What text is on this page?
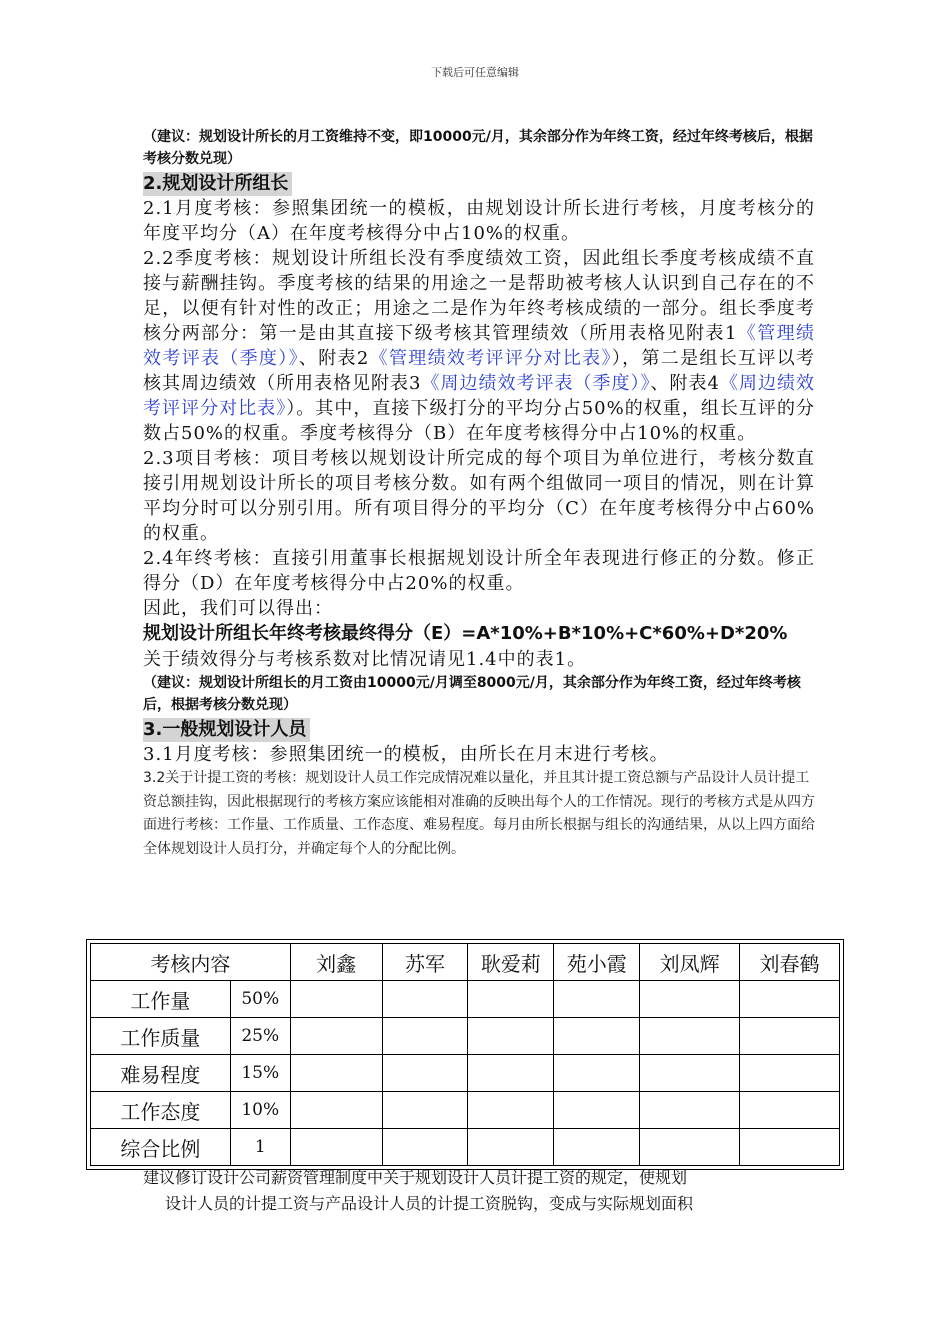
下载后可任意编辑

（建议：规划设计所长的月工资维持不变，即10000元/月，其余部分作为年终工资，经过年终考核后，根据考核分数兑现）

2.规划设计所组长

2.1月度考核：参照集团统一的模板，由规划设计所长进行考核，月度考核分的年度平均分（A）在年度考核得分中占10%的权重。

2.2季度考核：规划设计所组长没有季度绩效工资，因此组长季度考核成绩不直接与薪酬挂钩。季度考核的结果的用途之一是帮助被考核人认识到自己存在的不足，以便有针对性的改正；用途之二是作为年终考核成绩的一部分。组长季度考核分两部分：第一是由其直接下级考核其管理绩效（所用表格见附表1《管理绩效考评表（季度）》、附表2《管理绩效考评评分对比表》），第二是组长互评以考核其周边绩效（所用表格见附表3《周边绩效考评表（季度）》、附表4《周边绩效考评评分对比表》）。其中，直接下级打分的平均分占50%的权重，组长互评的分数占50%的权重。季度考核得分（B）在年度考核得分中占10%的权重。

2.3项目考核：项目考核以规划设计所完成的每个项目为单位进行，考核分数直接引用规划设计所长的项目考核分数。如有两个组做同一项目的情况，则在计算平均分时可以分别引用。所有项目得分的平均分（C）在年度考核得分中占60%的权重。

2.4年终考核：直接引用董事长根据规划设计所全年表现进行修正的分数。修正得分（D）在年度考核得分中占20%的权重。

因此，我们可以得出：

规划设计所组长年终考核最终得分（E）=A*10%+B*10%+C*60%+D*20%

关于绩效得分与考核系数对比情况请见1.4中的表1。

（建议：规划设计所组长的月工资由10000元/月调至8000元/月，其余部分作为年终工资，经过年终考核后，根据考核分数兑现）

3.一般规划设计人员

3.1月度考核：参照集团统一的模板，由所长在月末进行考核。

3.2关于计提工资的考核：规划设计人员工作完成情况难以量化，并且其计提工资总额与产品设计人员计提工资总额挂钩，因此根据现行的考核方案应该能相对准确的反映出每个人的工作情况。现行的考核方式是从四方面进行考核：工作量、工作质量、工作态度、难易程度。每月由所长根据与组长的沟通结果，从以上四方面给全体规划设计人员打分，并确定每个人的分配比例。

考核内容		刘鑫	苏军	耿爱莉	苑小霞	刘凤辉	刘春鹤
工作量	50%						
工作质量	25%						
难易程度	15%						
工作态度	10%						
综合比例	1						

建议修订设计公司薪资管理制度中关于规划设计人员计提工资的规定，使规划

设计人员的计提工资与产品设计人员的计提工资脱钩，变成与实际规划面积
